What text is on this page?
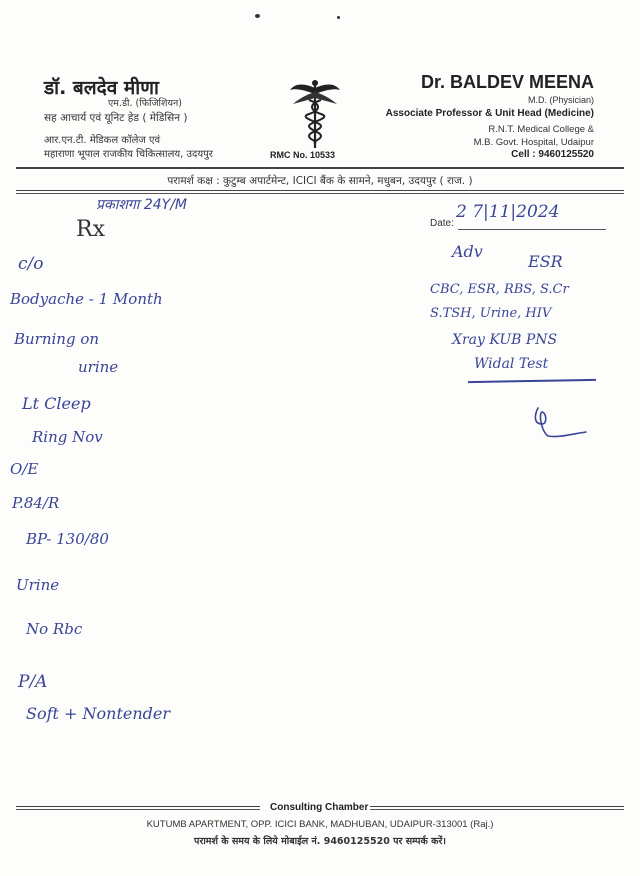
डॉ. बलदेव मीणा
एम.डी. (फिजिशियन)
सह आचार्य एवं यूनिट हेड ( मेडिसिन )
आर.एन.टी. मेडिकल कॉलेज एवं
महाराणा भूपाल राजकीय चिकित्सालय, उदयपुर	RMC No. 10533
Dr. BALDEV MEENA
M.D. (Physician)
Associate Professor & Unit Head (Medicine)
R.N.T. Medical College &
M.B. Govt. Hospital, Udaipur
Cell : 9460125520
परामर्श कक्ष : कुटुम्ब अपार्टमेन्ट, ICICI बैंक के सामने, मधुबन, उदयपुर ( राज. )
Rx	Date:
प्रकाशगा 24Y/M	2 7|11|2024
c/o
Bodyache - 1 Month
Burning on
urine
Lt Cleep
Ring Nov
O/E
P.84/R
BP- 130/80
Urine
No Rbc
P/A
Soft + Nontender
Adv
ESR
CBC, ESR, RBS, S.Cr
S.TSH, Urine, HIV
Xray KUB PNS
Widal Test
Consulting Chamber
KUTUMB APARTMENT, OPP. ICICI BANK, MADHUBAN, UDAIPUR-313001 (Raj.)
परामर्श के समय के लिये मोबाईल नं. 9460125520 पर सम्पर्क करें।
